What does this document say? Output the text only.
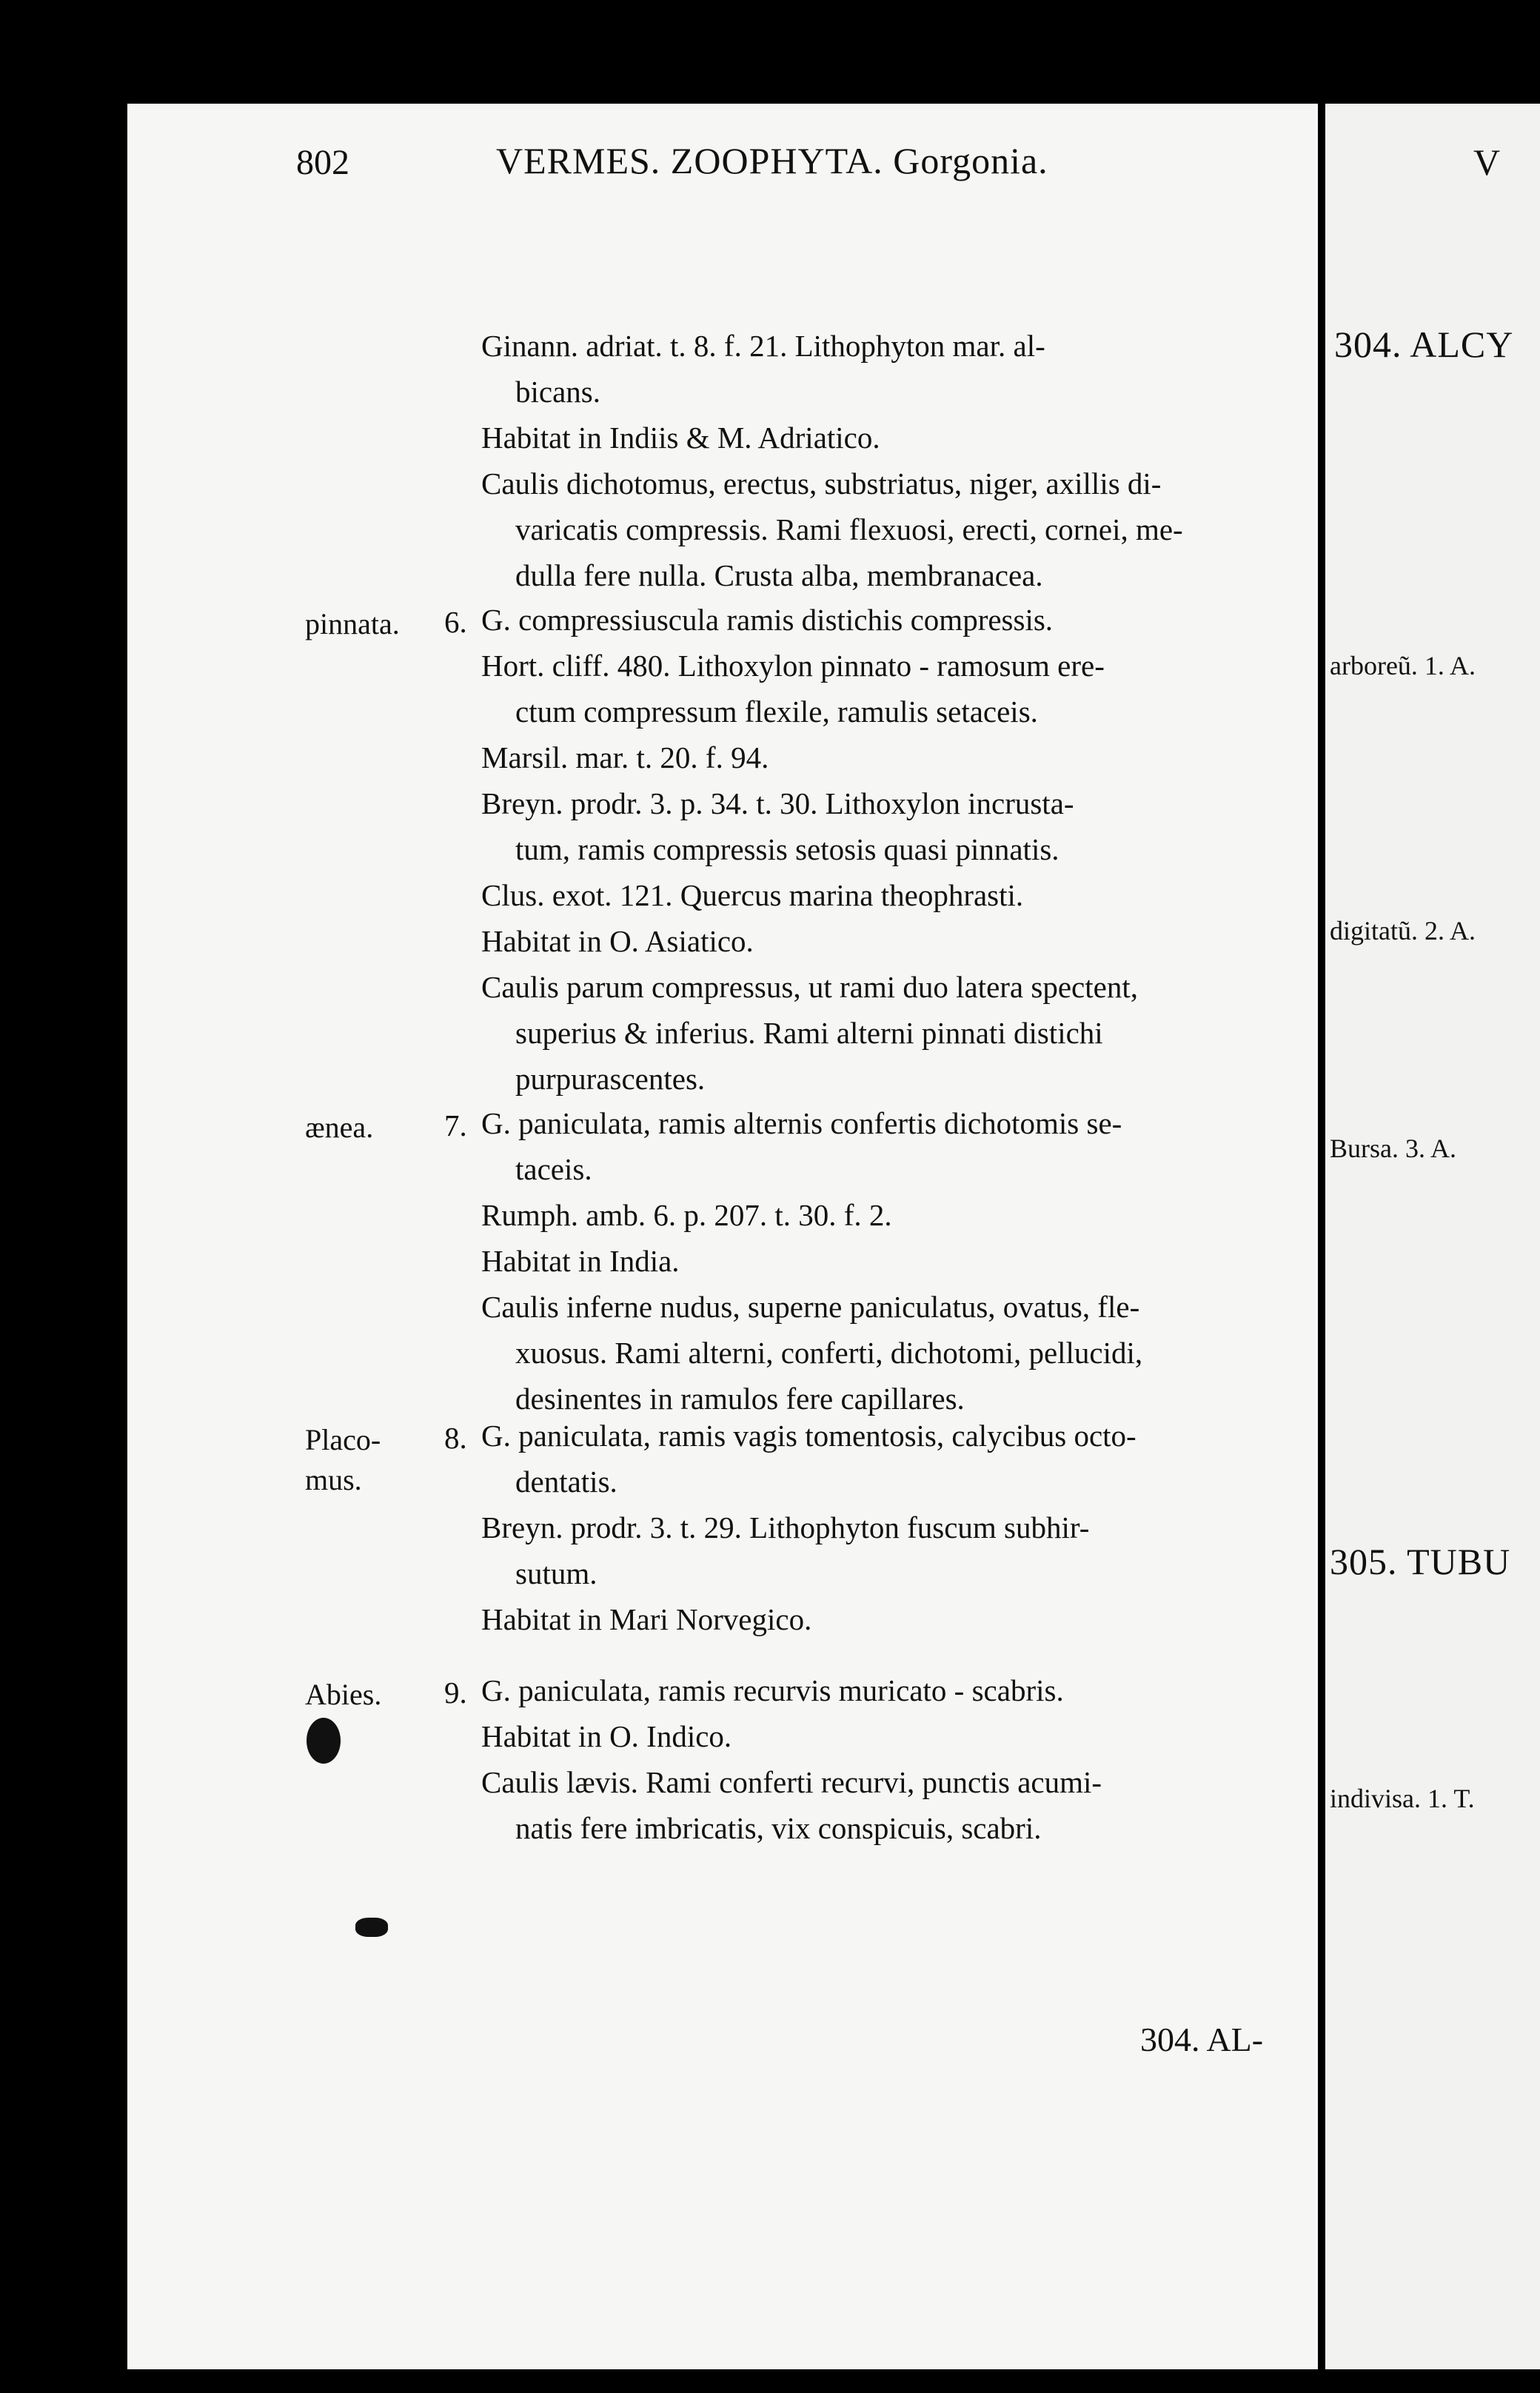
802	VERMES. ZOOPHYTA. Gorgonia.
Ginann. adriat. t. 8. f. 21. Lithophyton mar. al-
bicans.
Habitat in Indiis & M. Adriatico.
Caulis dichotomus, erectus, substriatus, niger, axillis di-
varicatis compressis. Rami flexuosi, erecti, cornei, me-
dulla fere nulla. Crusta alba, membranacea.
pinnata. 6. G. compressiuscula ramis distichis compressis.
Hort. cliff. 480. Lithoxylon pinnato - ramosum ere-
ctum compressum flexile, ramulis setaceis.
Marsil. mar. t. 20. f. 94.
Breyn. prodr. 3. p. 34. t. 30. Lithoxylon incrusta-
tum, ramis compressis setosis quasi pinnatis.
Clus. exot. 121. Quercus marina theophrasti.
Habitat in O. Asiatico.
Caulis parum compressus, ut rami duo latera spectent,
superius & inferius. Rami alterni pinnati distichi
purpurascentes.
ænea. 7. G. paniculata, ramis alternis confertis dichotomis se-
taceis.
Rumph. amb. 6. p. 207. t. 30. f. 2.
Habitat in India.
Caulis inferne nudus, superne paniculatus, ovatus, fle-
xuosus. Rami alterni, conferti, dichotomi, pellucidi,
desinentes in ramulos fere capillares.
Placo-
mus.
8. G. paniculata, ramis vagis tomentosis, calycibus octo-
dentatis.
Breyn. prodr. 3. t. 29. Lithophyton fuscum subhir-
sutum.
Habitat in Mari Norvegico.
Abies. 9. G. paniculata, ramis recurvis muricato - scabris.
Habitat in O. Indico.
Caulis lævis. Rami conferti recurvi, punctis acumi-
natis fere imbricatis, vix conspicuis, scabri.
304. AL-
V
304. ALCY
arboreũ. 1. A.
digitatũ. 2. A.
Bursa. 3. A.
305. TUBU
indivisa. 1. T.
